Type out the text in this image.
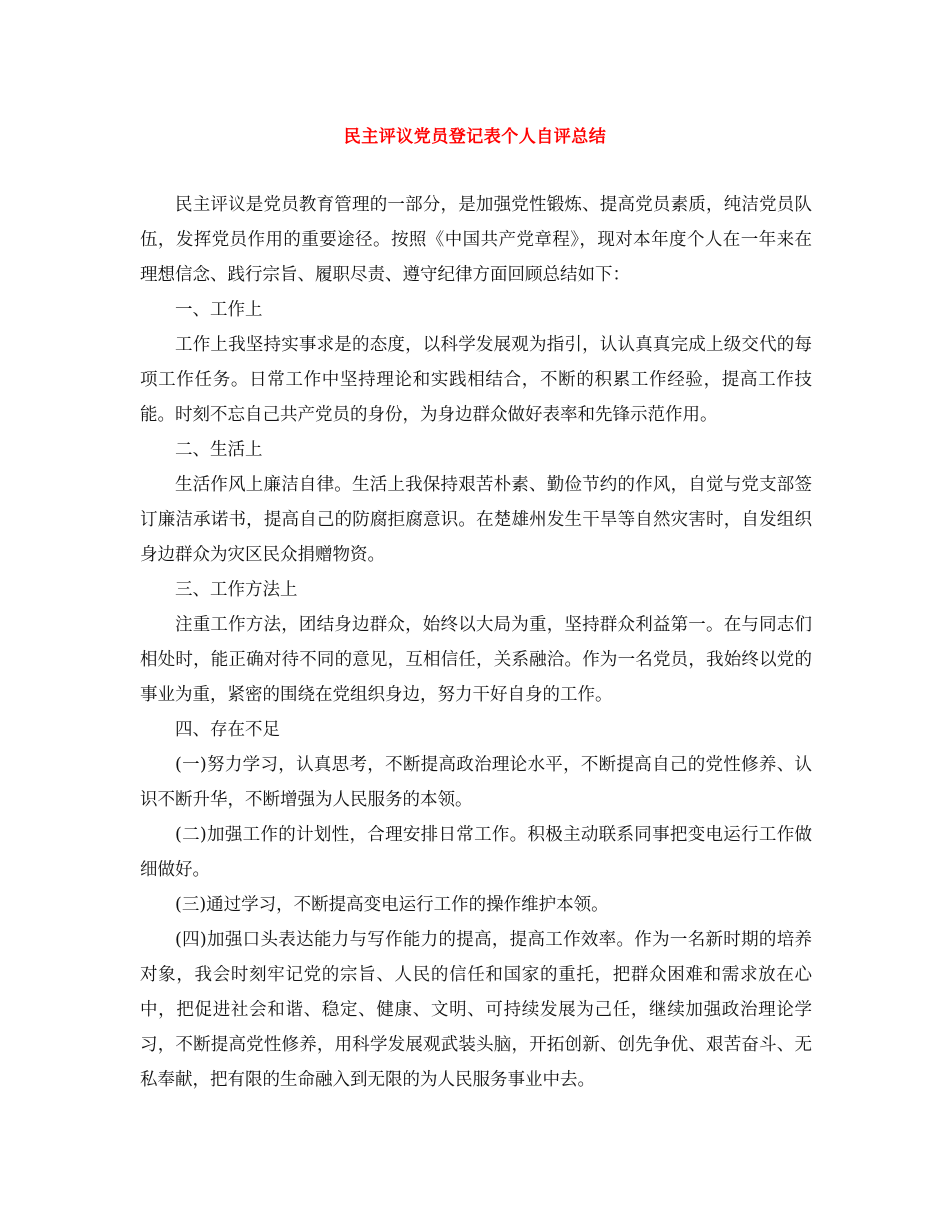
民主评议党员登记表个人自评总结

民主评议是党员教育管理的一部分，是加强党性锻炼、提高党员素质，纯洁党员队伍，发挥党员作用的重要途径。按照《中国共产党章程》，现对本年度个人在一年来在理想信念、践行宗旨、履职尽责、遵守纪律方面回顾总结如下：

一、工作上

工作上我坚持实事求是的态度，以科学发展观为指引，认认真真完成上级交代的每项工作任务。日常工作中坚持理论和实践相结合，不断的积累工作经验，提高工作技能。时刻不忘自己共产党员的身份，为身边群众做好表率和先锋示范作用。

二、生活上

生活作风上廉洁自律。生活上我保持艰苦朴素、勤俭节约的作风，自觉与党支部签订廉洁承诺书，提高自己的防腐拒腐意识。在楚雄州发生干旱等自然灾害时，自发组织身边群众为灾区民众捐赠物资。

三、工作方法上

注重工作方法，团结身边群众，始终以大局为重，坚持群众利益第一。在与同志们相处时，能正确对待不同的意见，互相信任，关系融洽。作为一名党员，我始终以党的事业为重，紧密的围绕在党组织身边，努力干好自身的工作。

四、存在不足

(一)努力学习，认真思考，不断提高政治理论水平，不断提高自己的党性修养、认识不断升华，不断增强为人民服务的本领。

(二)加强工作的计划性，合理安排日常工作。积极主动联系同事把变电运行工作做细做好。

(三)通过学习，不断提高变电运行工作的操作维护本领。

(四)加强口头表达能力与写作能力的提高，提高工作效率。作为一名新时期的培养对象，我会时刻牢记党的宗旨、人民的信任和国家的重托，把群众困难和需求放在心中，把促进社会和谐、稳定、健康、文明、可持续发展为己任，继续加强政治理论学习，不断提高党性修养，用科学发展观武装头脑，开拓创新、创先争优、艰苦奋斗、无私奉献，把有限的生命融入到无限的为人民服务事业中去。
